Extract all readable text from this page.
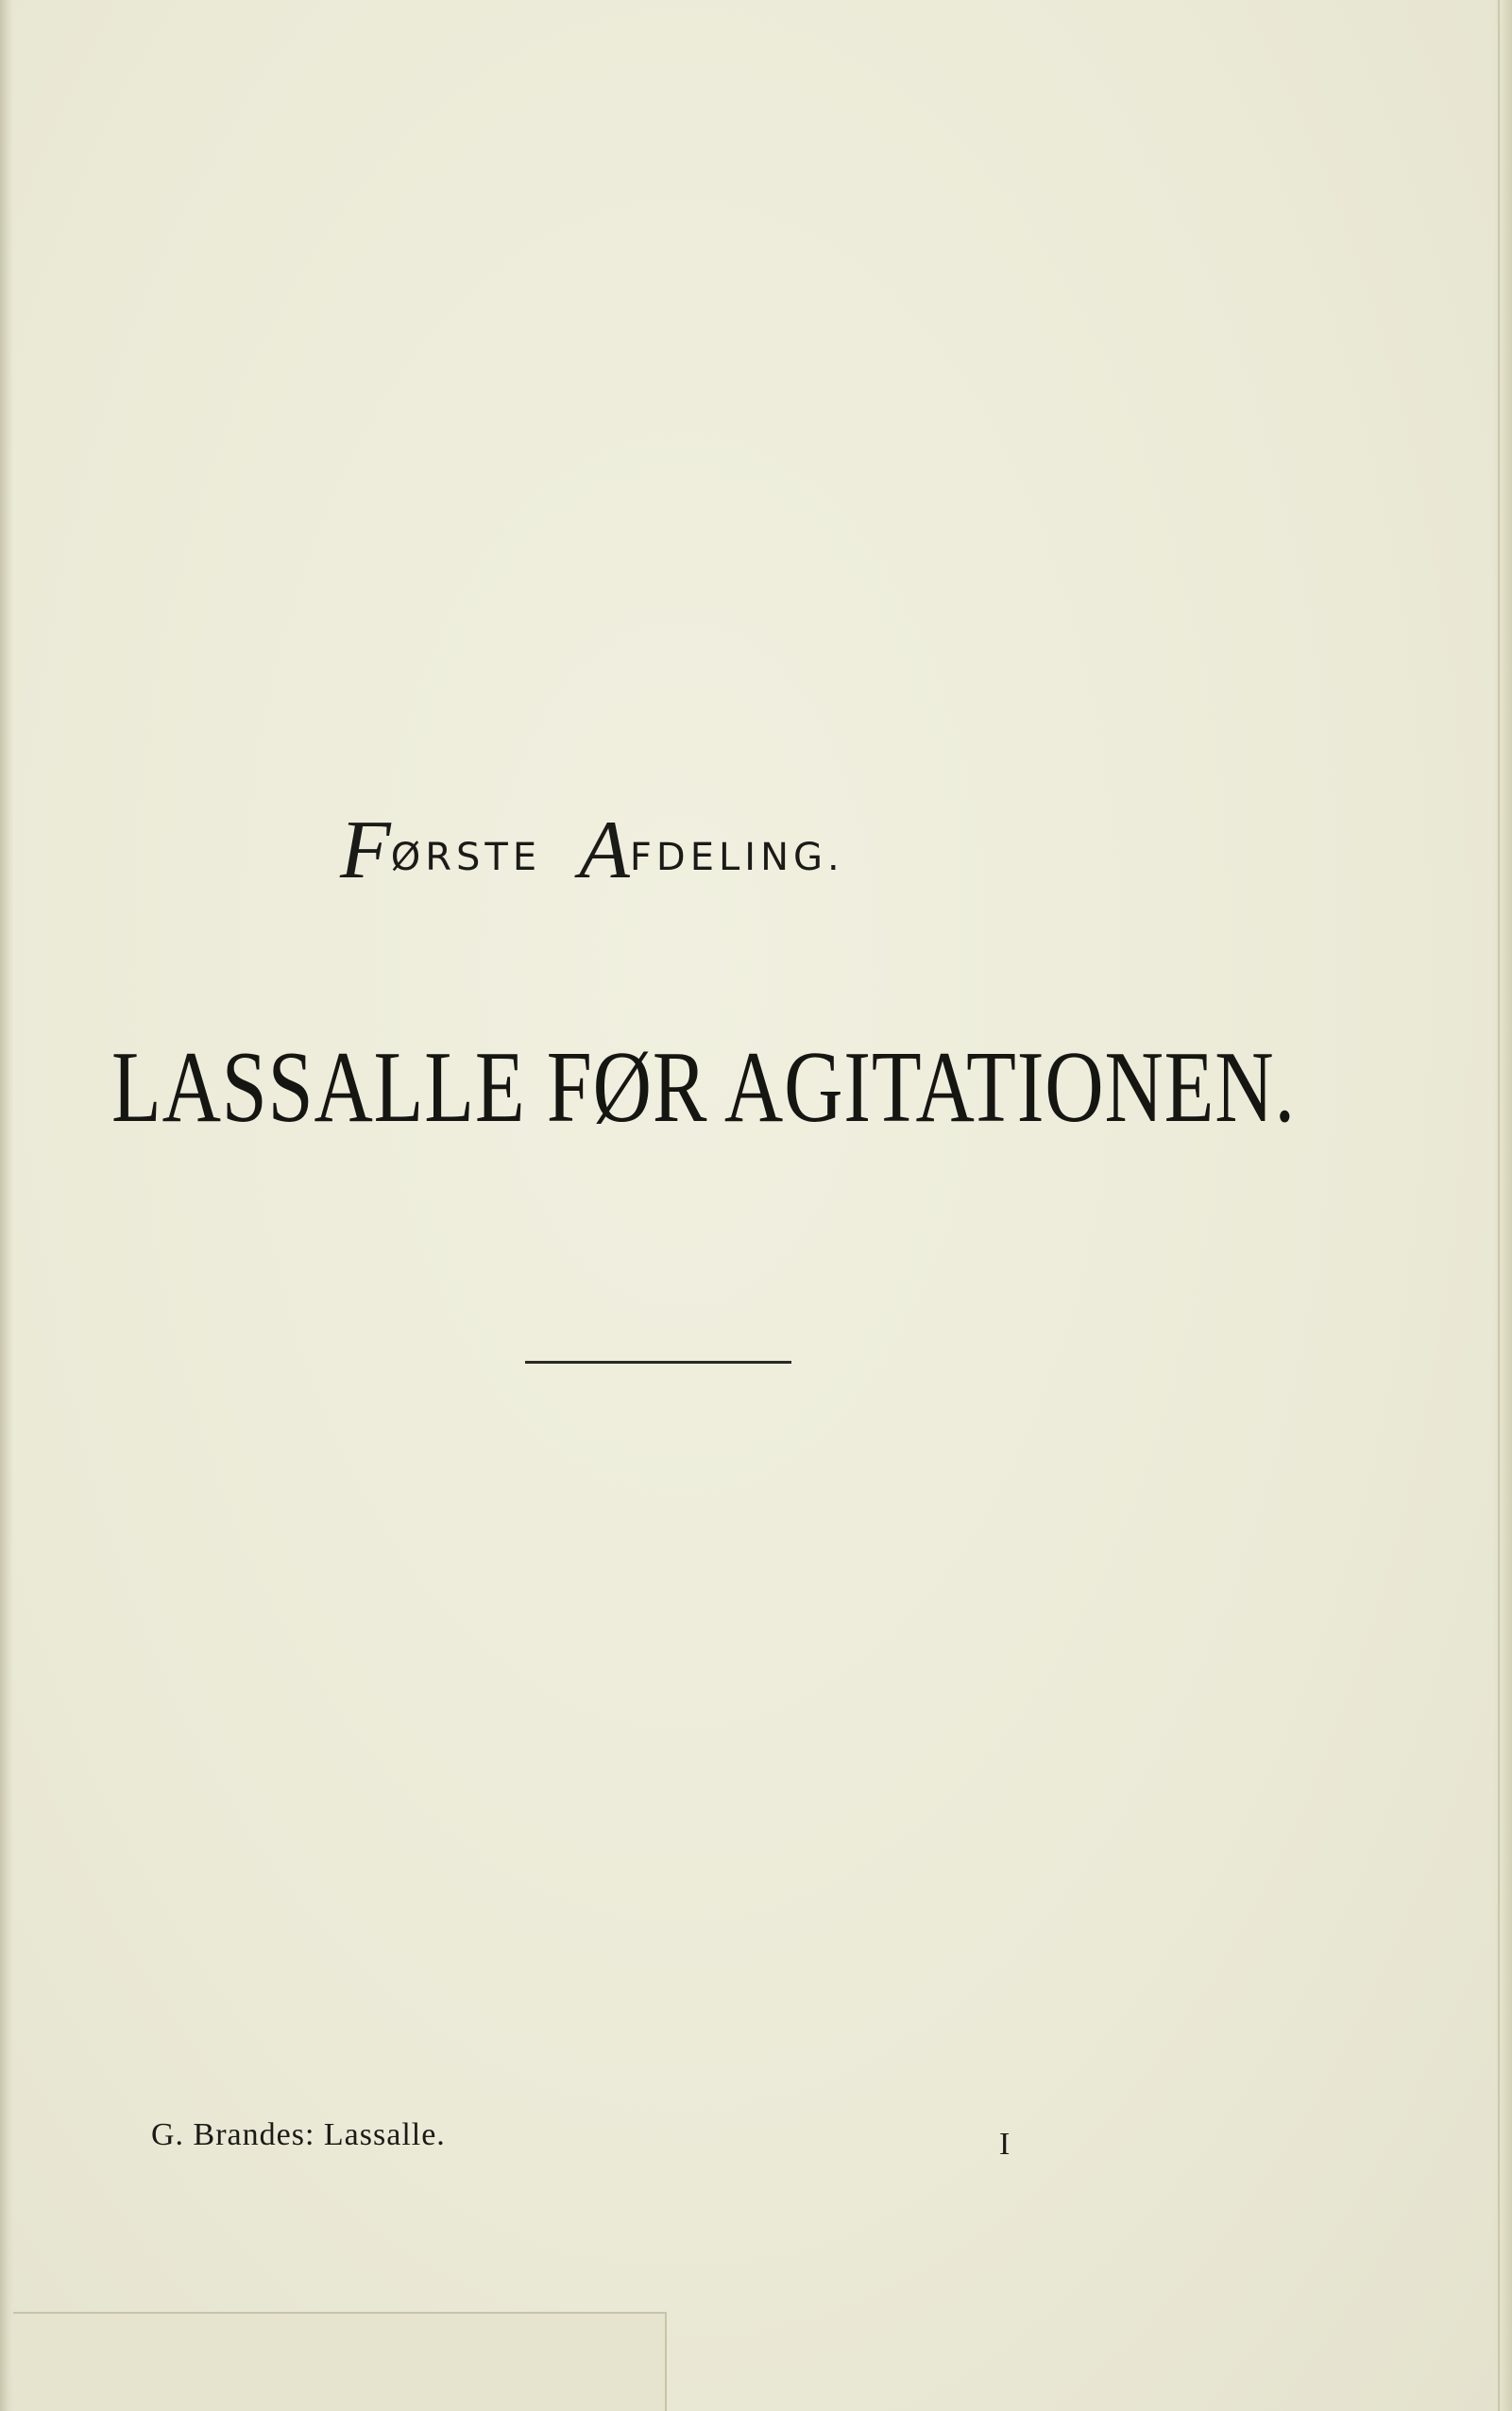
FØRSTE AFDELING.
LASSALLE FØR AGITATIONEN.
G. Brandes: Lassalle.	I
